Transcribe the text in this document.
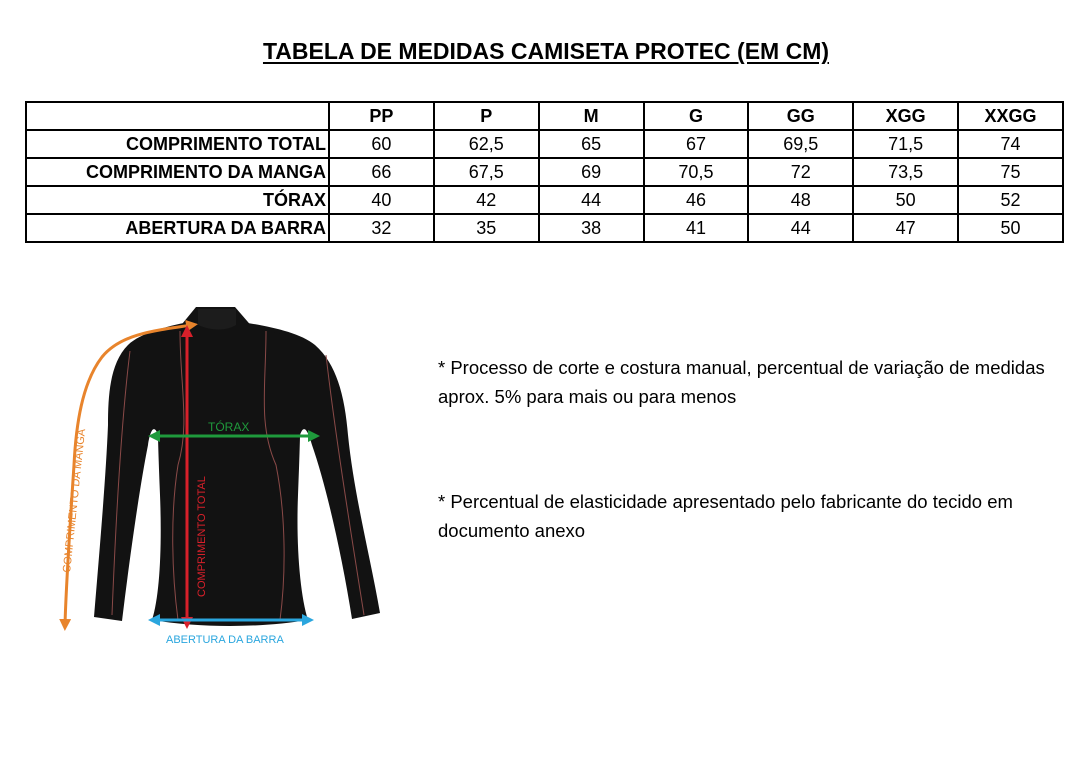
TABELA DE MEDIDAS CAMISETA PROTEC (EM CM)
	PP	P	M	G	GG	XGG	XXGG
COMPRIMENTO TOTAL	60	62,5	65	67	69,5	71,5	74
COMPRIMENTO DA MANGA	66	67,5	69	70,5	72	73,5	75
TÓRAX	40	42	44	46	48	50	52
ABERTURA DA BARRA	32	35	38	41	44	47	50
COMPRIMENTO DA MANGA	COMPRIMENTO TOTAL
TÓRAX
ABERTURA DA BARRA
* Processo de corte e costura manual, percentual de variação de medidas aprox. 5% para mais ou para menos
* Percentual de elasticidade apresentado pelo fabricante do tecido em documento anexo
